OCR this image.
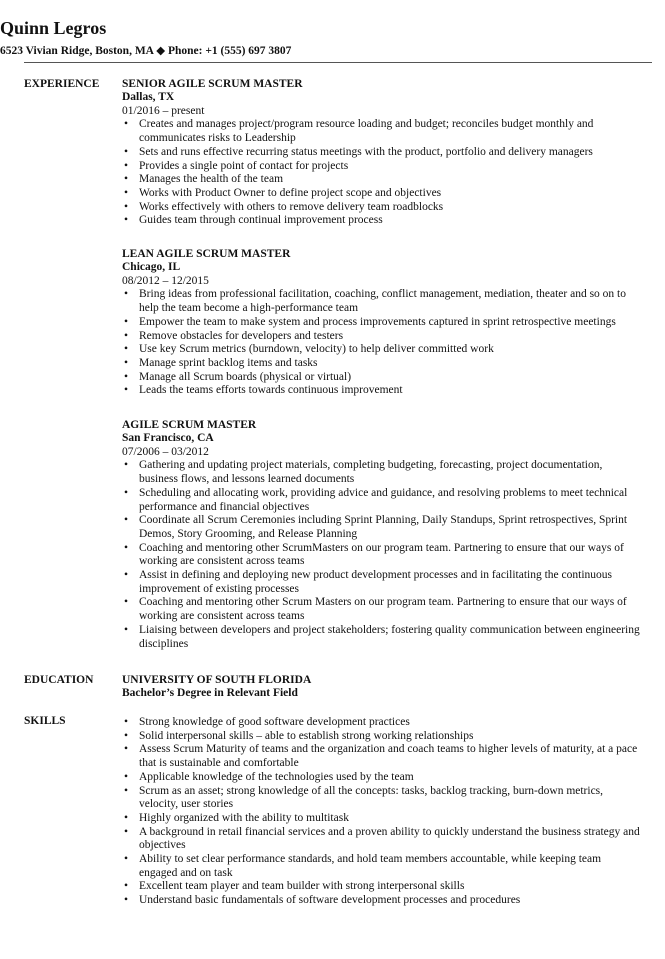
Quinn Legros
6523 Vivian Ridge, Boston, MA ◆ Phone: +1 (555) 697 3807
EXPERIENCE
EDUCATION
SKILLS
SENIOR AGILE SCRUM MASTER
Dallas, TX
01/2016 – present
• Creates and manages project/program resource loading and budget; reconciles budget monthly and communicates risks to Leadership
• Sets and runs effective recurring status meetings with the product, portfolio and delivery managers
• Provides a single point of contact for projects
• Manages the health of the team
• Works with Product Owner to define project scope and objectives
• Works effectively with others to remove delivery team roadblocks
• Guides team through continual improvement process
LEAN AGILE SCRUM MASTER
Chicago, IL
08/2012 – 12/2015
• Bring ideas from professional facilitation, coaching, conflict management, mediation, theater and so on to help the team become a high-performance team
• Empower the team to make system and process improvements captured in sprint retrospective meetings
• Remove obstacles for developers and testers
• Use key Scrum metrics (burndown, velocity) to help deliver committed work
• Manage sprint backlog items and tasks
• Manage all Scrum boards (physical or virtual)
• Leads the teams efforts towards continuous improvement
AGILE SCRUM MASTER
San Francisco, CA
07/2006 – 03/2012
• Gathering and updating project materials, completing budgeting, forecasting, project documentation, business flows, and lessons learned documents
• Scheduling and allocating work, providing advice and guidance, and resolving problems to meet technical performance and financial objectives
• Coordinate all Scrum Ceremonies including Sprint Planning, Daily Standups, Sprint retrospectives, Sprint Demos, Story Grooming, and Release Planning
• Coaching and mentoring other ScrumMasters on our program team. Partnering to ensure that our ways of working are consistent across teams
• Assist in defining and deploying new product development processes and in facilitating the continuous improvement of existing processes
• Coaching and mentoring other Scrum Masters on our program team. Partnering to ensure that our ways of working are consistent across teams
• Liaising between developers and project stakeholders; fostering quality communication between engineering disciplines
UNIVERSITY OF SOUTH FLORIDA
Bachelor’s Degree in Relevant Field
• Strong knowledge of good software development practices
• Solid interpersonal skills – able to establish strong working relationships
• Assess Scrum Maturity of teams and the organization and coach teams to higher levels of maturity, at a pace that is sustainable and comfortable
• Applicable knowledge of the technologies used by the team
• Scrum as an asset; strong knowledge of all the concepts: tasks, backlog tracking, burn-down metrics, velocity, user stories
• Highly organized with the ability to multitask
• A background in retail financial services and a proven ability to quickly understand the business strategy and objectives
• Ability to set clear performance standards, and hold team members accountable, while keeping team engaged and on task
• Excellent team player and team builder with strong interpersonal skills
• Understand basic fundamentals of software development processes and procedures
